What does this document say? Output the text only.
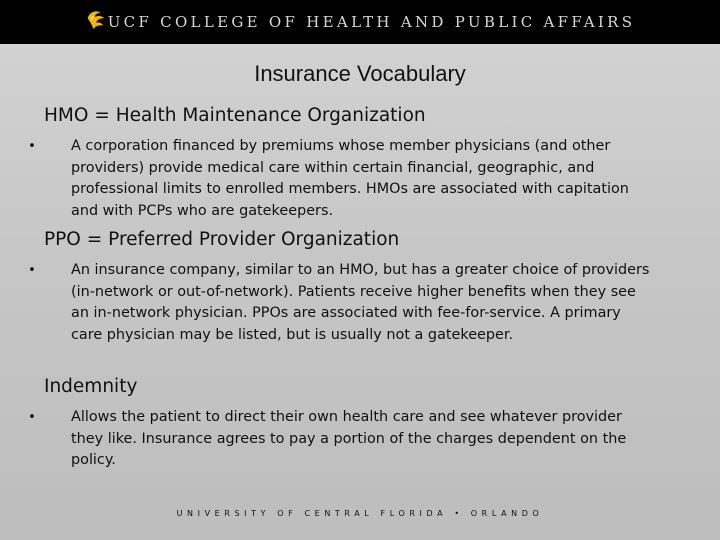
UCF COLLEGE OF HEALTH AND PUBLIC AFFAIRS
Insurance Vocabulary
HMO = Health Maintenance Organization
• A corporation financed by premiums whose member physicians (and other providers) provide medical care within certain financial, geographic, and professional limits to enrolled members. HMOs are associated with capitation and with PCPs who are gatekeepers.
PPO = Preferred Provider Organization
• An insurance company, similar to an HMO, but has a greater choice of providers (in-network or out-of-network). Patients receive higher benefits when they see an in-network physician. PPOs are associated with fee-for-service. A primary care physician may be listed, but is usually not a gatekeeper.
Indemnity
• Allows the patient to direct their own health care and see whatever provider they like. Insurance agrees to pay a portion of the charges dependent on the policy.
UNIVERSITY OF CENTRAL FLORIDA • ORLANDO
